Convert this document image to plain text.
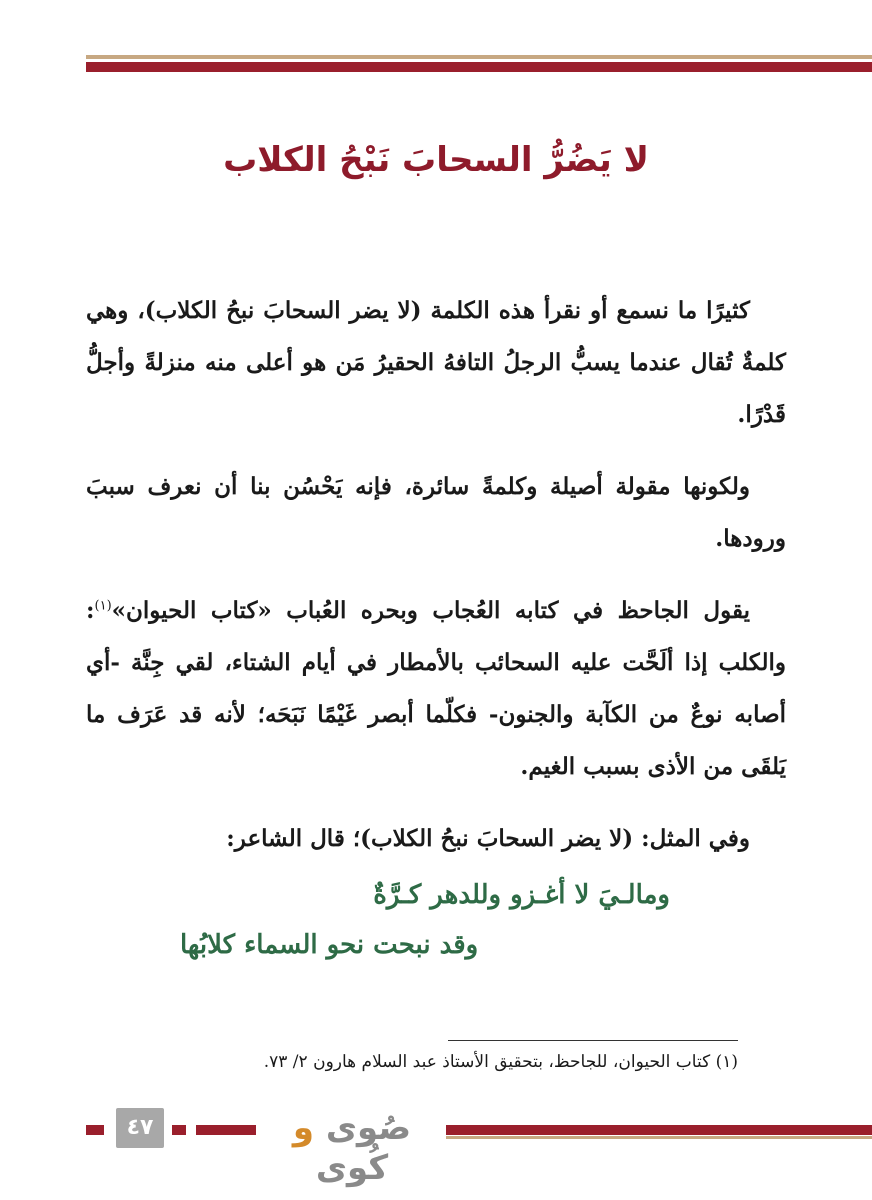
لا يَضُرُّ السحابَ نَبْحُ الكلاب

كثيرًا ما نسمع أو نقرأ هذه الكلمة (لا يضر السحابَ نبحُ الكلاب)، وهي كلمةٌ تُقال عندما يسبُّ الرجلُ التافهُ الحقيرُ مَن هو أعلى منه منزلةً وأجلُّ قَدْرًا.

ولكونها مقولة أصيلة وكلمةً سائرة، فإنه يَحْسُن بنا أن نعرف سببَ ورودها.

يقول الجاحظ في كتابه العُجاب وبحره العُباب «كتاب الحيوان»$^{(١)}$: والكلب إذا ألَحَّت عليه السحائب بالأمطار في أيام الشتاء، لقي جِنَّة -أي أصابه نوعٌ من الكآبة والجنون- فكلّما أبصر غَيْمًا نَبَحَه؛ لأنه قد عَرَف ما يَلقَى من الأذى بسبب الغيم.

وفي المثل: (لا يضر السحابَ نبحُ الكلاب)؛ قال الشاعر:

ومالـيَ لا أغـزو وللدهر كـرَّةٌ
وقد نبحت نحو السماء كلابُها
(١) كتاب الحيوان، للجاحظ، بتحقيق الأستاذ عبد السلام هارون ٢/ ٧٣.
٤٧	صُوى و كُوى
